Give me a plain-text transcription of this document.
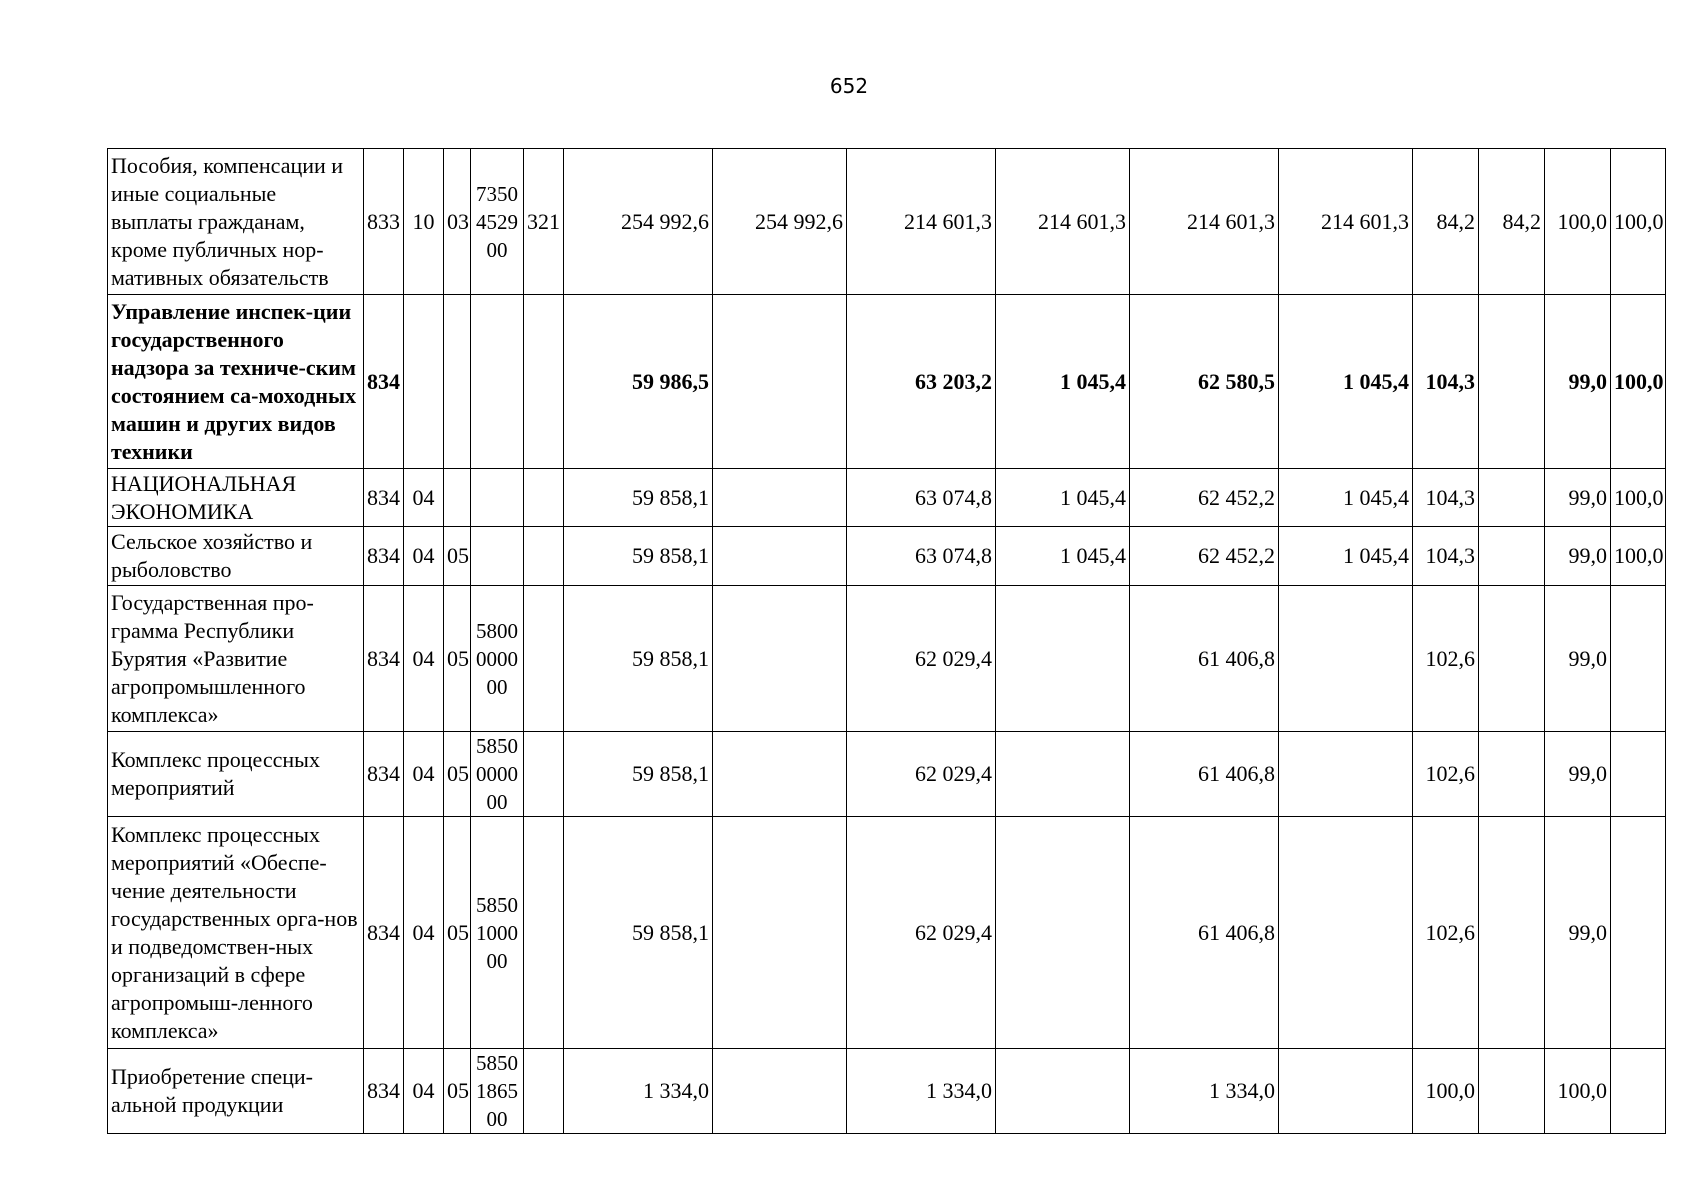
652
Пособия, компенсации и иные социальные выплаты гражданам, кроме публичных нор-мативных обязательств	833	10	03	7350 4529 00	321	254 992,6	254 992,6	214 601,3	214 601,3	214 601,3	214 601,3	84,2	84,2	100,0	100,0
Управление инспек-ции государственного надзора за техниче-ским состоянием са-моходных машин и других видов техники	834					59 986,5		63 203,2	1 045,4	62 580,5	1 045,4	104,3		99,0	100,0
НАЦИОНАЛЬНАЯ ЭКОНОМИКА	834	04				59 858,1		63 074,8	1 045,4	62 452,2	1 045,4	104,3		99,0	100,0
Сельское хозяйство и рыболовство	834	04	05			59 858,1		63 074,8	1 045,4	62 452,2	1 045,4	104,3		99,0	100,0
Государственная про-грамма Республики Бурятия «Развитие агропромышленного комплекса»	834	04	05	5800 0000 00		59 858,1		62 029,4		61 406,8		102,6		99,0	
Комплекс процессных мероприятий	834	04	05	5850 0000 00		59 858,1		62 029,4		61 406,8		102,6		99,0	
Комплекс процессных мероприятий «Обеспе-чение деятельности государственных орга-нов и подведомствен-ных организаций в сфере агропромыш-ленного комплекса»	834	04	05	5850 1000 00		59 858,1		62 029,4		61 406,8		102,6		99,0	
Приобретение специ-альной продукции	834	04	05	5850 1865 00		1 334,0		1 334,0		1 334,0		100,0		100,0	
